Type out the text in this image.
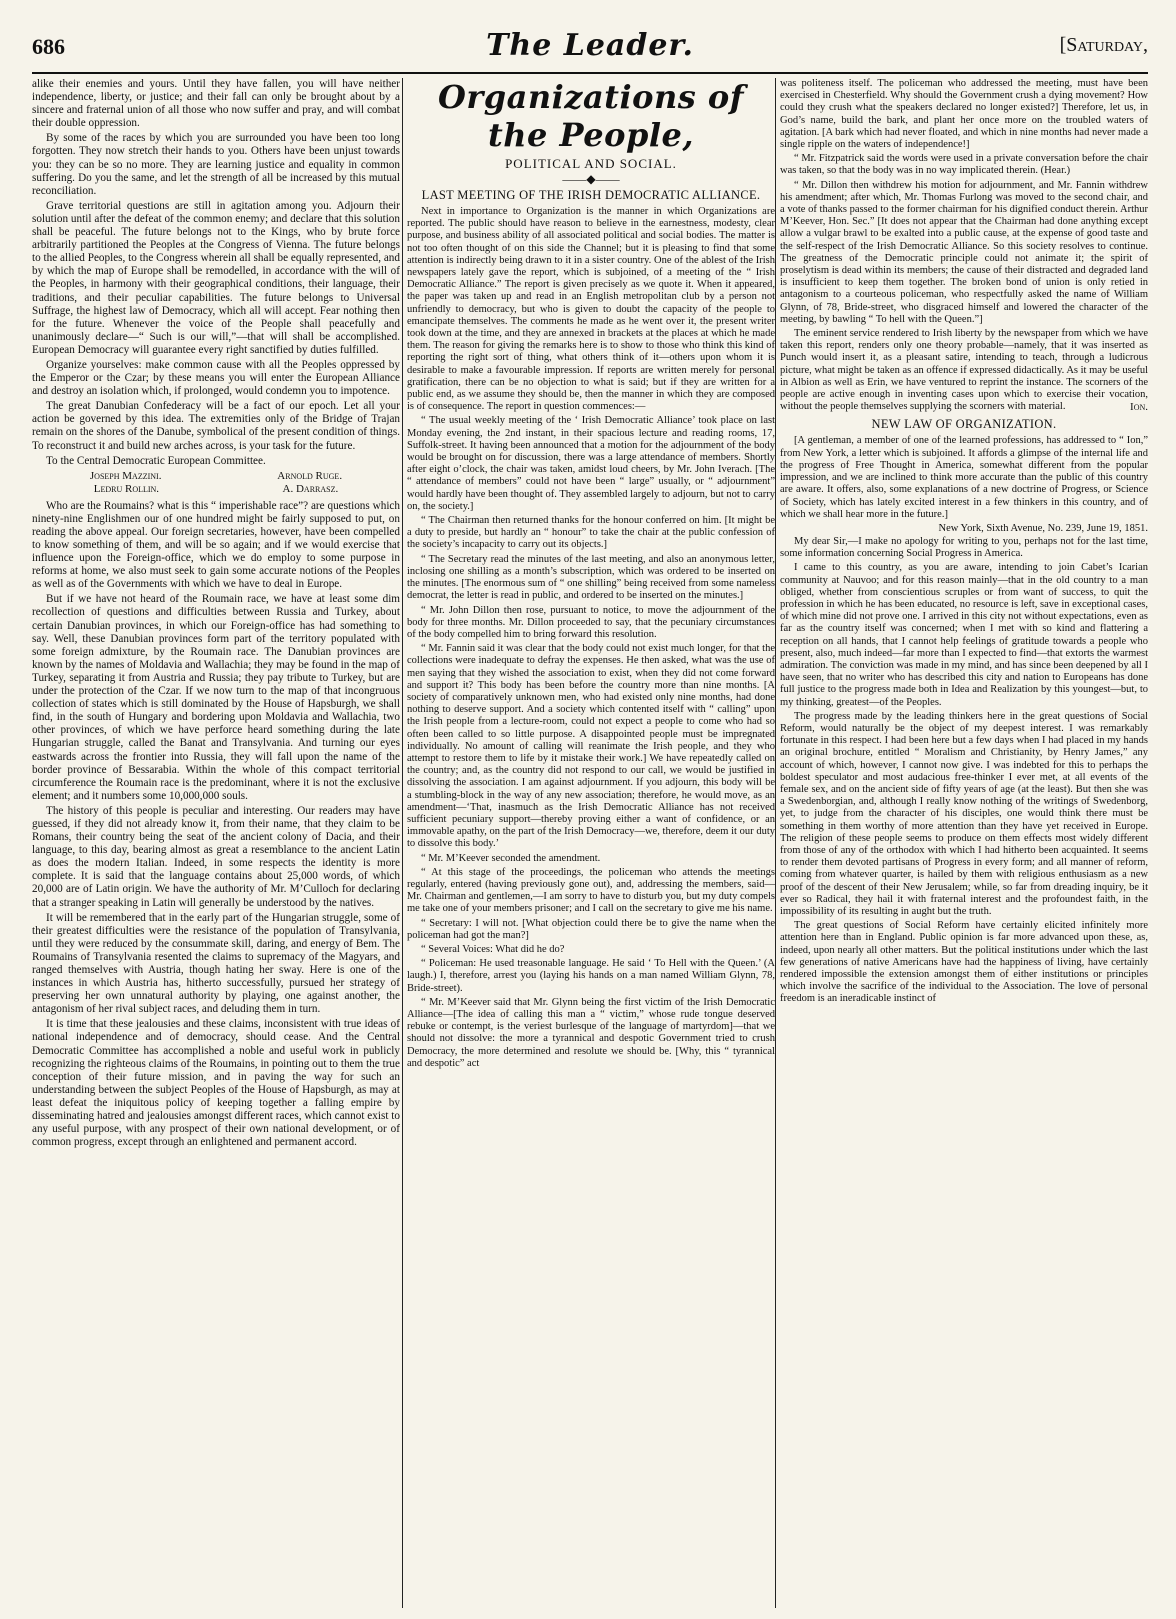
686	The Leader.	[Saturday,

alike their enemies and yours. Until they have fallen, you will have neither independence, liberty, or justice; and their fall can only be brought about by a sincere and fraternal union of all those who now suffer and pray, and will combat their double oppression.

By some of the races by which you are surrounded you have been too long forgotten. They now stretch their hands to you. Others have been unjust towards you: they can be so no more. They are learning justice and equality in common suffering. Do you the same, and let the strength of all be increased by this mutual reconciliation.

Grave territorial questions are still in agitation among you. Adjourn their solution until after the defeat of the common enemy; and declare that this solution shall be peaceful. The future belongs not to the Kings, who by brute force arbitrarily partitioned the Peoples at the Congress of Vienna. The future belongs to the allied Peoples, to the Congress wherein all shall be equally represented, and by which the map of Europe shall be remodelled, in accordance with the will of the Peoples, in harmony with their geographical conditions, their language, their traditions, and their peculiar capabilities. The future belongs to Universal Suffrage, the highest law of Democracy, which all will accept. Fear nothing then for the future. Whenever the voice of the People shall peacefully and unanimously declare—“ Such is our will,”—that will shall be accomplished. European Democracy will guarantee every right sanctified by duties fulfilled.

Organize yourselves: make common cause with all the Peoples oppressed by the Emperor or the Czar; by these means you will enter the European Alliance and destroy an isolation which, if prolonged, would condemn you to impotence.

The great Danubian Confederacy will be a fact of our epoch. Let all your action be governed by this idea. The extremities only of the Bridge of Trajan remain on the shores of the Danube, symbolical of the present condition of things. To reconstruct it and build new arches across, is your task for the future.

To the Central Democratic European Committee.

Joseph Mazzini.	Arnold Ruge.
Ledru Rollin.	A. Darrasz.

Who are the Roumains? what is this “ imperishable race”? are questions which ninety-nine Englishmen our of one hundred might be fairly supposed to put, on reading the above appeal. Our foreign secretaries, however, have been compelled to know something of them, and will be so again; and if we would exercise that influence upon the Foreign-office, which we do employ to some purpose in reforms at home, we also must seek to gain some accurate notions of the Peoples as well as of the Governments with which we have to deal in Europe.

But if we have not heard of the Roumain race, we have at least some dim recollection of questions and difficulties between Russia and Turkey, about certain Danubian provinces, in which our Foreign-office has had something to say. Well, these Danubian provinces form part of the territory populated with some foreign admixture, by the Roumain race. The Danubian provinces are known by the names of Moldavia and Wallachia; they may be found in the map of Turkey, separating it from Austria and Russia; they pay tribute to Turkey, but are under the protection of the Czar. If we now turn to the map of that incongruous collection of states which is still dominated by the House of Hapsburgh, we shall find, in the south of Hungary and bordering upon Moldavia and Wallachia, two other provinces, of which we have perforce heard something during the late Hungarian struggle, called the Banat and Transylvania. And turning our eyes eastwards across the frontier into Russia, they will fall upon the name of the border province of Bessarabia. Within the whole of this compact territorial circumference the Roumain race is the predominant, where it is not the exclusive element; and it numbers some 10,000,000 souls.

The history of this people is peculiar and interesting. Our readers may have guessed, if they did not already know it, from their name, that they claim to be Romans, their country being the seat of the ancient colony of Dacia, and their language, to this day, bearing almost as great a resemblance to the ancient Latin as does the modern Italian. Indeed, in some respects the identity is more complete. It is said that the language contains about 25,000 words, of which 20,000 are of Latin origin. We have the authority of Mr. M’Culloch for declaring that a stranger speaking in Latin will generally be understood by the natives.

It will be remembered that in the early part of the Hungarian struggle, some of their greatest difficulties were the resistance of the population of Transylvania, until they were reduced by the consummate skill, daring, and energy of Bem. The Roumains of Transylvania resented the claims to supremacy of the Magyars, and ranged themselves with Austria, though hating her sway. Here is one of the instances in which Austria has, hitherto successfully, pursued her strategy of preserving her own unnatural authority by playing, one against another, the antagonism of her rival subject races, and deluding them in turn.

It is time that these jealousies and these claims, inconsistent with true ideas of national independence and of democracy, should cease. And the Central Democratic Committee has accomplished a noble and useful work in publicly recognizing the righteous claims of the Roumains, in pointing out to them the true conception of their future mission, and in paving the way for such an understanding between the subject Peoples of the House of Hapsburgh, as may at least defeat the iniquitous policy of keeping together a falling empire by disseminating hatred and jealousies amongst different races, which cannot exist to any useful purpose, with any prospect of their own national development, or of common progress, except through an enlightened and permanent accord.

Organizations of the People,
POLITICAL AND SOCIAL.
——◆——
LAST MEETING OF THE IRISH DEMOCRATIC ALLIANCE.

Next in importance to Organization is the manner in which Organizations are reported. The public should have reason to believe in the earnestness, modesty, clear purpose, and business ability of all associated political and social bodies. The matter is not too often thought of on this side the Channel; but it is pleasing to find that some attention is indirectly being drawn to it in a sister country. One of the ablest of the Irish newspapers lately gave the report, which is subjoined, of a meeting of the “ Irish Democratic Alliance.” The report is given precisely as we quote it. When it appeared, the paper was taken up and read in an English metropolitan club by a person not unfriendly to democracy, but who is given to doubt the capacity of the people to emancipate themselves. The comments he made as he went over it, the present writer took down at the time, and they are annexed in brackets at the places at which he made them. The reason for giving the remarks here is to show to those who think this kind of reporting the right sort of thing, what others think of it—others upon whom it is desirable to make a favourable impression. If reports are written merely for personal gratification, there can be no objection to what is said; but if they are written for a public end, as we assume they should be, then the manner in which they are composed is of consequence. The report in question commences:—

“ The usual weekly meeting of the ‘ Irish Democratic Alliance’ took place on last Monday evening, the 2nd instant, in their spacious lecture and reading rooms, 17, Suffolk-street. It having been announced that a motion for the adjournment of the body would be brought on for discussion, there was a large attendance of members. Shortly after eight o’clock, the chair was taken, amidst loud cheers, by Mr. John Iverach. [The “ attendance of members” could not have been “ large” usually, or “ adjournment” would hardly have been thought of. They assembled largely to adjourn, but not to carry on, the society.]

“ The Chairman then returned thanks for the honour conferred on him. [It might be a duty to preside, but hardly an “ honour” to take the chair at the public confession of the society’s incapacity to carry out its objects.]

“ The Secretary read the minutes of the last meeting, and also an anonymous letter, inclosing one shilling as a month’s subscription, which was ordered to be inserted on the minutes. [The enormous sum of “ one shilling” being received from some nameless democrat, the letter is read in public, and ordered to be inserted on the minutes.]

“ Mr. John Dillon then rose, pursuant to notice, to move the adjournment of the body for three months. Mr. Dillon proceeded to say, that the pecuniary circumstances of the body compelled him to bring forward this resolution.

“ Mr. Fannin said it was clear that the body could not exist much longer, for that the collections were inadequate to defray the expenses. He then asked, what was the use of men saying that they wished the association to exist, when they did not come forward and support it? This body has been before the country more than nine months. [A society of comparatively unknown men, who had existed only nine months, had done nothing to deserve support. And a society which contented itself with “ calling” upon the Irish people from a lecture-room, could not expect a people to come who had so often been called to so little purpose. A disappointed people must be impregnated individually. No amount of calling will reanimate the Irish people, and they who attempt to restore them to life by it mistake their work.] We have repeatedly called on the country; and, as the country did not respond to our call, we would be justified in dissolving the association. I am against adjournment. If you adjourn, this body will be a stumbling-block in the way of any new association; therefore, he would move, as an amendment—‘That, inasmuch as the Irish Democratic Alliance has not received sufficient pecuniary support—thereby proving either a want of confidence, or an immovable apathy, on the part of the Irish Democracy—we, therefore, deem it our duty to dissolve this body.’

“ Mr. M’Keever seconded the amendment.

“ At this stage of the proceedings, the policeman who attends the meetings regularly, entered (having previously gone out), and, addressing the members, said— Mr. Chairman and gentlemen,—I am sorry to have to disturb you, but my duty compels me take one of your members prisoner; and I call on the secretary to give me his name.

“ Secretary: I will not. [What objection could there be to give the name when the policeman had got the man?]

“ Several Voices: What did he do?

“ Policeman: He used treasonable language. He said ‘ To Hell with the Queen.’ (A laugh.) I, therefore, arrest you (laying his hands on a man named William Glynn, 78, Bride-street).

“ Mr. M’Keever said that Mr. Glynn being the first victim of the Irish Democratic Alliance—[The idea of calling this man a “ victim,” whose rude tongue deserved rebuke or contempt, is the veriest burlesque of the language of martyrdom]—that we should not dissolve: the more a tyrannical and despotic Government tried to crush Democracy, the more determined and resolute we should be. [Why, this “ tyrannical and despotic” act

was politeness itself. The policeman who addressed the meeting, must have been exercised in Chesterfield. Why should the Government crush a dying movement? How could they crush what the speakers declared no longer existed?] Therefore, let us, in God’s name, build the bark, and plant her once more on the troubled waters of agitation. [A bark which had never floated, and which in nine months had never made a single ripple on the waters of independence!]

“ Mr. Fitzpatrick said the words were used in a private conversation before the chair was taken, so that the body was in no way implicated therein. (Hear.)

“ Mr. Dillon then withdrew his motion for adjournment, and Mr. Fannin withdrew his amendment; after which, Mr. Thomas Furlong was moved to the second chair, and a vote of thanks passed to the former chairman for his dignified conduct therein. Arthur M’Keever, Hon. Sec.” [It does not appear that the Chairman had done anything except allow a vulgar brawl to be exalted into a public cause, at the expense of good taste and the self-respect of the Irish Democratic Alliance. So this society resolves to continue. The greatness of the Democratic principle could not animate it; the spirit of proselytism is dead within its members; the cause of their distracted and degraded land is insufficient to keep them together. The broken bond of union is only retied in antagonism to a courteous policeman, who respectfully asked the name of William Glynn, of 78, Bride-street, who disgraced himself and lowered the character of the meeting, by bawling “ To hell with the Queen.”]

The eminent service rendered to Irish liberty by the newspaper from which we have taken this report, renders only one theory probable—namely, that it was inserted as Punch would insert it, as a pleasant satire, intending to teach, through a ludicrous picture, what might be taken as an offence if expressed didactically. As it may be useful in Albion as well as Erin, we have ventured to reprint the instance. The scorners of the people are active enough in inventing cases upon which to exercise their vocation, without the people themselves supplying the scorners with material.	Ion.
NEW LAW OF ORGANIZATION.

[A gentleman, a member of one of the learned professions, has addressed to “ Ion,” from New York, a letter which is subjoined. It affords a glimpse of the internal life and the progress of Free Thought in America, somewhat different from the popular impression, and we are inclined to think more accurate than the public of this country are aware. It offers, also, some explanations of a new doctrine of Progress, or Science of Society, which has lately excited interest in a few thinkers in this country, and of which we shall hear more in the future.]

New York, Sixth Avenue, No. 239, June 19, 1851.

My dear Sir,—I make no apology for writing to you, perhaps not for the last time, some information concerning Social Progress in America.

I came to this country, as you are aware, intending to join Cabet’s Icarian community at Nauvoo; and for this reason mainly—that in the old country to a man obliged, whether from conscientious scruples or from want of success, to quit the profession in which he has been educated, no resource is left, save in exceptional cases, of which mine did not prove one. I arrived in this city not without expectations, even as far as the country itself was concerned; when I met with so kind and flattering a reception on all hands, that I cannot help feelings of gratitude towards a people who present, also, much indeed—far more than I expected to find—that extorts the warmest admiration. The conviction was made in my mind, and has since been deepened by all I have seen, that no writer who has described this city and nation to Europeans has done full justice to the progress made both in Idea and Realization by this youngest—but, to my thinking, greatest—of the Peoples.

The progress made by the leading thinkers here in the great questions of Social Reform, would naturally be the object of my deepest interest. I was remarkably fortunate in this respect. I had been here but a few days when I had placed in my hands an original brochure, entitled “ Moralism and Christianity, by Henry James,” any account of which, however, I cannot now give. I was indebted for this to perhaps the boldest speculator and most audacious free-thinker I ever met, at all events of the female sex, and on the ancient side of fifty years of age (at the least). But then she was a Swedenborgian, and, although I really know nothing of the writings of Swedenborg, yet, to judge from the character of his disciples, one would think there must be something in them worthy of more attention than they have yet received in Europe. The religion of these people seems to produce on them effects most widely different from those of any of the orthodox with which I had hitherto been acquainted. It seems to render them devoted partisans of Progress in every form; and all manner of reform, coming from whatever quarter, is hailed by them with religious enthusiasm as a new proof of the descent of their New Jerusalem; while, so far from dreading inquiry, be it ever so Radical, they hail it with fraternal interest and the profoundest faith, in the impossibility of its resulting in aught but the truth.

The great questions of Social Reform have certainly elicited infinitely more attention here than in England. Public opinion is far more advanced upon these, as, indeed, upon nearly all other matters. But the political institutions under which the last few generations of native Americans have had the happiness of living, have certainly rendered impossible the extension amongst them of either institutions or principles which involve the sacrifice of the individual to the Association. The love of personal freedom is an ineradicable instinct of
